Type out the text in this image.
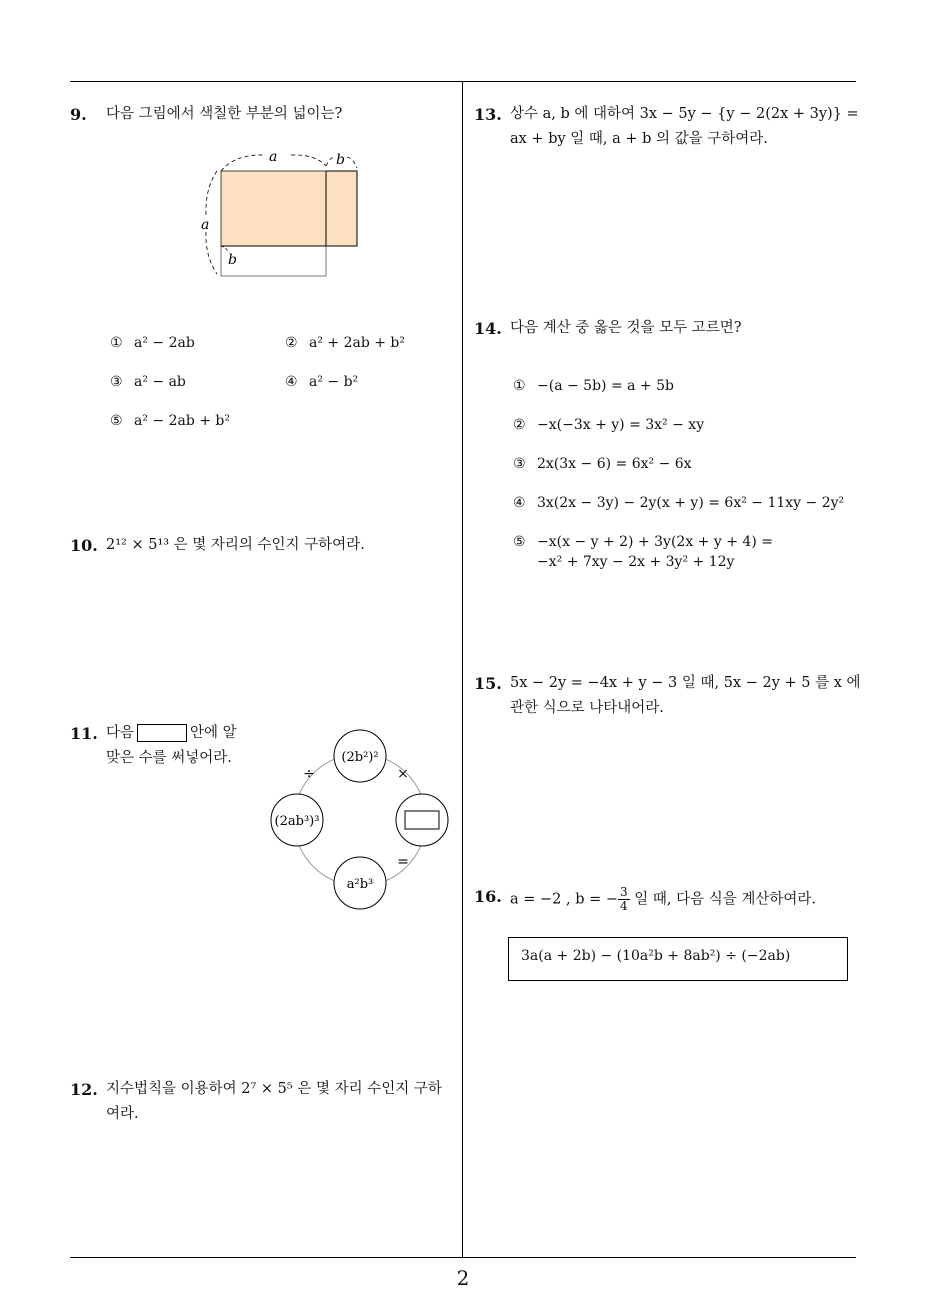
9. 다음 그림에서 색칠한 부분의 넓이는?
a	b
a
b
① a² − 2ab	② a² + 2ab + b²
③ a² − ab	④ a² − b²
⑤ a² − 2ab + b²
10. 2¹² × 5¹³ 은 몇 자리의 수인지 구하여라.
11. 다음	안에 알
맞은 수를 써넣어라.	(2b²)²
(2ab³)³
a²b³
÷	×
=
12. 지수법칙을 이용하여 2⁷ × 5⁵ 은 몇 자리 수인지 구하
여라.
13. 상수 a, b 에 대하여 3x − 5y − {y − 2(2x + 3y)} =
ax + by 일 때, a + b 의 값을 구하여라.
14. 다음 계산 중 옳은 것을 모두 고르면?
① −(a − 5b) = a + 5b
② −x(−3x + y) = 3x² − xy
③ 2x(3x − 6) = 6x² − 6x
④ 3x(2x − 3y) − 2y(x + y) = 6x² − 11xy − 2y²
⑤ −x(x − y + 2) + 3y(2x + y + 4) =
−x² + 7xy − 2x + 3y² + 12y
15. 5x − 2y = −4x + y − 3 일 때, 5x − 2y + 5 를 x 에
관한 식으로 나타내어라.
16. a = −2 , b = − $\frac{3}{4}$ 일 때, 다음 식을 계산하여라.
3a(a + 2b) − (10a²b + 8ab²) ÷ (−2ab)
2
